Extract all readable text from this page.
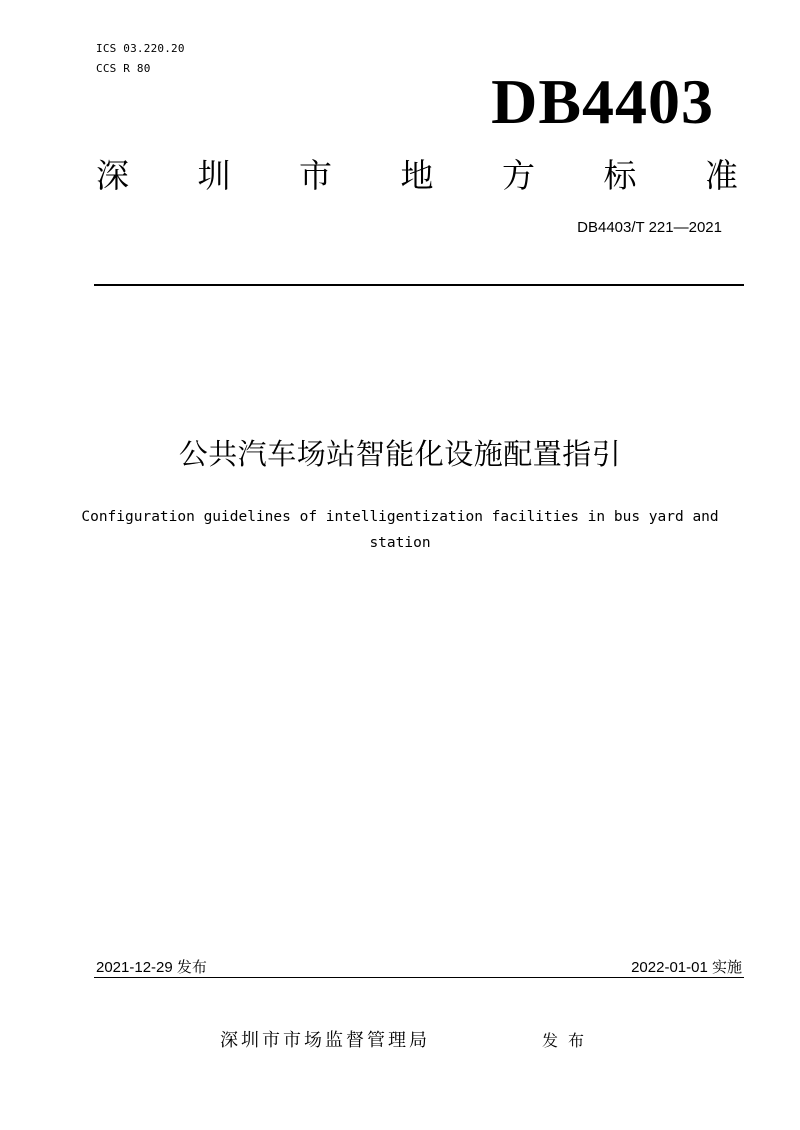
ICS 03.220.20
CCS R 80	DB4403
深 圳 市 地 方 标 准
DB4403/T 221—2021
公共汽车场站智能化设施配置指引
Configuration guidelines of intelligentization facilities in bus yard and station
2021-12-29 发布	2022-01-01 实施
深圳市市场监督管理局	发布
